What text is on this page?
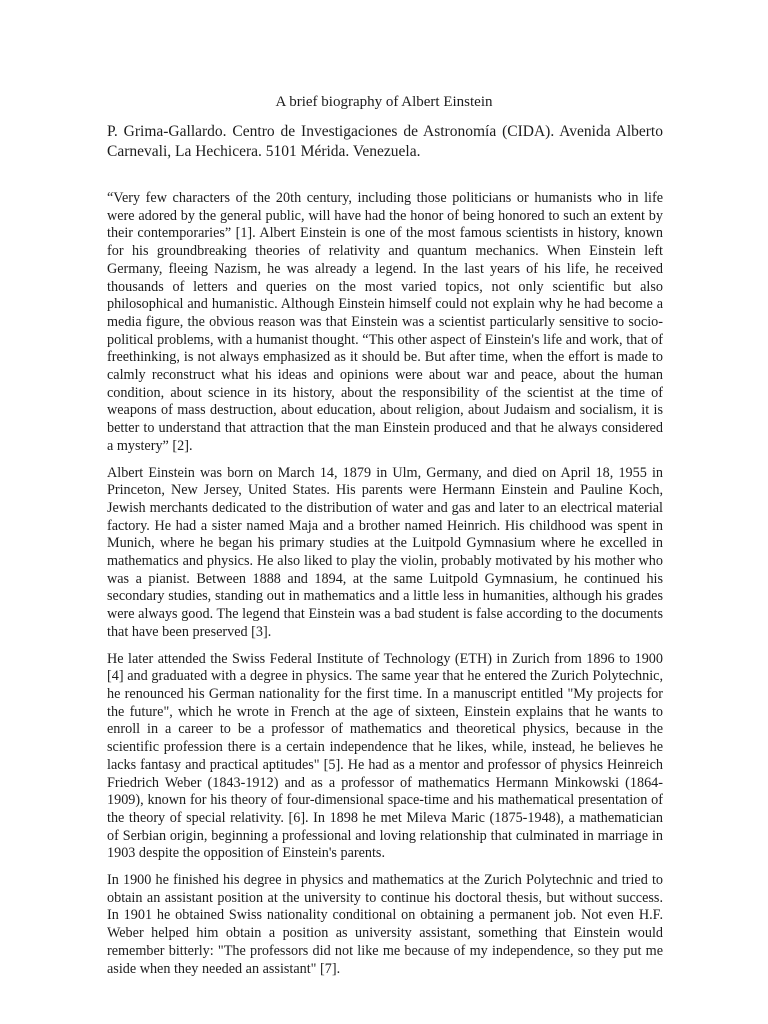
A brief biography of Albert Einstein
P. Grima-Gallardo. Centro de Investigaciones de Astronomía (CIDA). Avenida Alberto Carnevali, La Hechicera. 5101 Mérida. Venezuela.

“Very few characters of the 20th century, including those politicians or humanists who in life were adored by the general public, will have had the honor of being honored to such an extent by their contemporaries” [1]. Albert Einstein is one of the most famous scientists in history, known for his groundbreaking theories of relativity and quantum mechanics. When Einstein left Germany, fleeing Nazism, he was already a legend. In the last years of his life, he received thousands of letters and queries on the most varied topics, not only scientific but also philosophical and humanistic. Although Einstein himself could not explain why he had become a media figure, the obvious reason was that Einstein was a scientist particularly sensitive to socio-political problems, with a humanist thought. “This other aspect of Einstein's life and work, that of freethinking, is not always emphasized as it should be. But after time, when the effort is made to calmly reconstruct what his ideas and opinions were about war and peace, about the human condition, about science in its history, about the responsibility of the scientist at the time of weapons of mass destruction, about education, about religion, about Judaism and socialism, it is better to understand that attraction that the man Einstein produced and that he always considered a mystery” [2].

Albert Einstein was born on March 14, 1879 in Ulm, Germany, and died on April 18, 1955 in Princeton, New Jersey, United States. His parents were Hermann Einstein and Pauline Koch, Jewish merchants dedicated to the distribution of water and gas and later to an electrical material factory. He had a sister named Maja and a brother named Heinrich. His childhood was spent in Munich, where he began his primary studies at the Luitpold Gymnasium where he excelled in mathematics and physics. He also liked to play the violin, probably motivated by his mother who was a pianist. Between 1888 and 1894, at the same Luitpold Gymnasium, he continued his secondary studies, standing out in mathematics and a little less in humanities, although his grades were always good. The legend that Einstein was a bad student is false according to the documents that have been preserved [3].

He later attended the Swiss Federal Institute of Technology (ETH) in Zurich from 1896 to 1900 [4] and graduated with a degree in physics. The same year that he entered the Zurich Polytechnic, he renounced his German nationality for the first time. In a manuscript entitled "My projects for the future", which he wrote in French at the age of sixteen, Einstein explains that he wants to enroll in a career to be a professor of mathematics and theoretical physics, because in the scientific profession there is a certain independence that he likes, while, instead, he believes he lacks fantasy and practical aptitudes" [5]. He had as a mentor and professor of physics Heinreich Friedrich Weber (1843-1912) and as a professor of mathematics Hermann Minkowski (1864-1909), known for his theory of four-dimensional space-time and his mathematical presentation of the theory of special relativity. [6]. In 1898 he met Mileva Maric (1875-1948), a mathematician of Serbian origin, beginning a professional and loving relationship that culminated in marriage in 1903 despite the opposition of Einstein's parents.

In 1900 he finished his degree in physics and mathematics at the Zurich Polytechnic and tried to obtain an assistant position at the university to continue his doctoral thesis, but without success. In 1901 he obtained Swiss nationality conditional on obtaining a permanent job. Not even H.F. Weber helped him obtain a position as university assistant, something that Einstein would remember bitterly: "The professors did not like me because of my independence, so they put me aside when they needed an assistant" [7].
